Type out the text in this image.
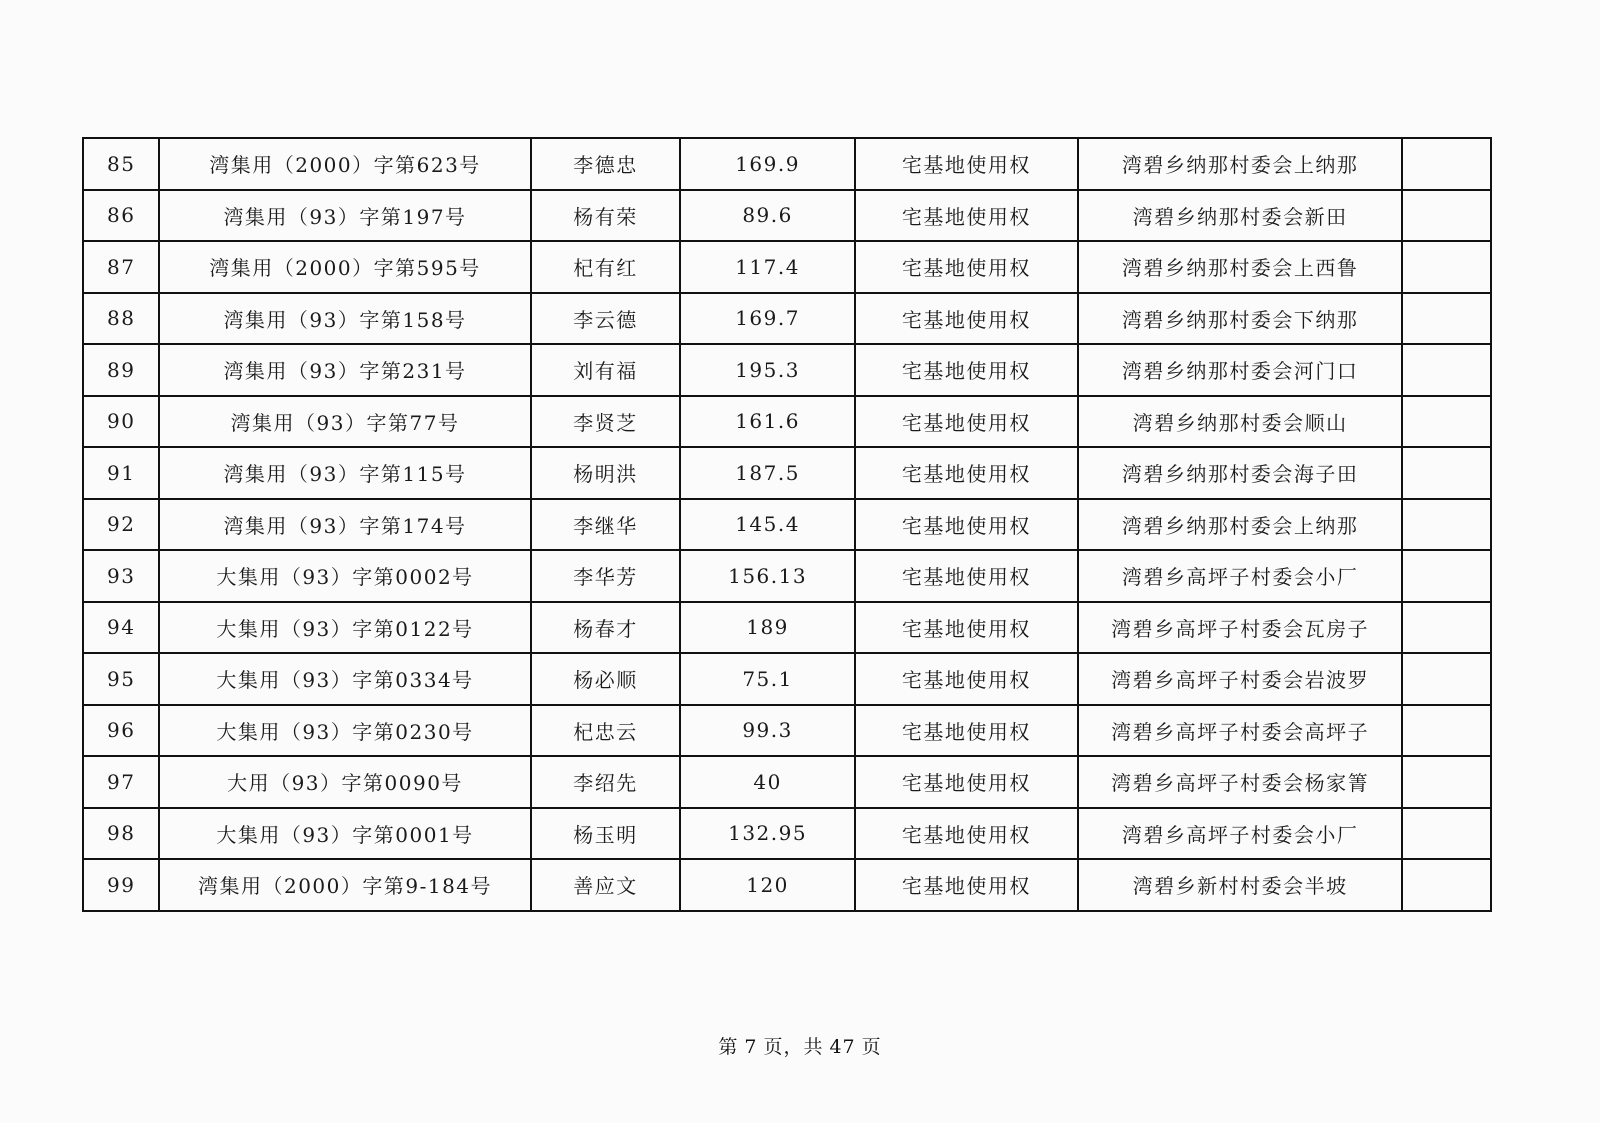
85	湾集用（2000）字第623号	李德忠	169.9	宅基地使用权	湾碧乡纳那村委会上纳那	
86	湾集用（93）字第197号	杨有荣	89.6	宅基地使用权	湾碧乡纳那村委会新田	
87	湾集用（2000）字第595号	杞有红	117.4	宅基地使用权	湾碧乡纳那村委会上西鲁	
88	湾集用（93）字第158号	李云德	169.7	宅基地使用权	湾碧乡纳那村委会下纳那	
89	湾集用（93）字第231号	刘有福	195.3	宅基地使用权	湾碧乡纳那村委会河门口	
90	湾集用（93）字第77号	李贤芝	161.6	宅基地使用权	湾碧乡纳那村委会顺山	
91	湾集用（93）字第115号	杨明洪	187.5	宅基地使用权	湾碧乡纳那村委会海子田	
92	湾集用（93）字第174号	李继华	145.4	宅基地使用权	湾碧乡纳那村委会上纳那	
93	大集用（93）字第0002号	李华芳	156.13	宅基地使用权	湾碧乡高坪子村委会小厂	
94	大集用（93）字第0122号	杨春才	189	宅基地使用权	湾碧乡高坪子村委会瓦房子	
95	大集用（93）字第0334号	杨必顺	75.1	宅基地使用权	湾碧乡高坪子村委会岩波罗	
96	大集用（93）字第0230号	杞忠云	99.3	宅基地使用权	湾碧乡高坪子村委会高坪子	
97	大用（93）字第0090号	李绍先	40	宅基地使用权	湾碧乡高坪子村委会杨家箐	
98	大集用（93）字第0001号	杨玉明	132.95	宅基地使用权	湾碧乡高坪子村委会小厂	
99	湾集用（2000）字第9-184号	善应文	120	宅基地使用权	湾碧乡新村村委会半坡	
第 7 页，共 47 页
